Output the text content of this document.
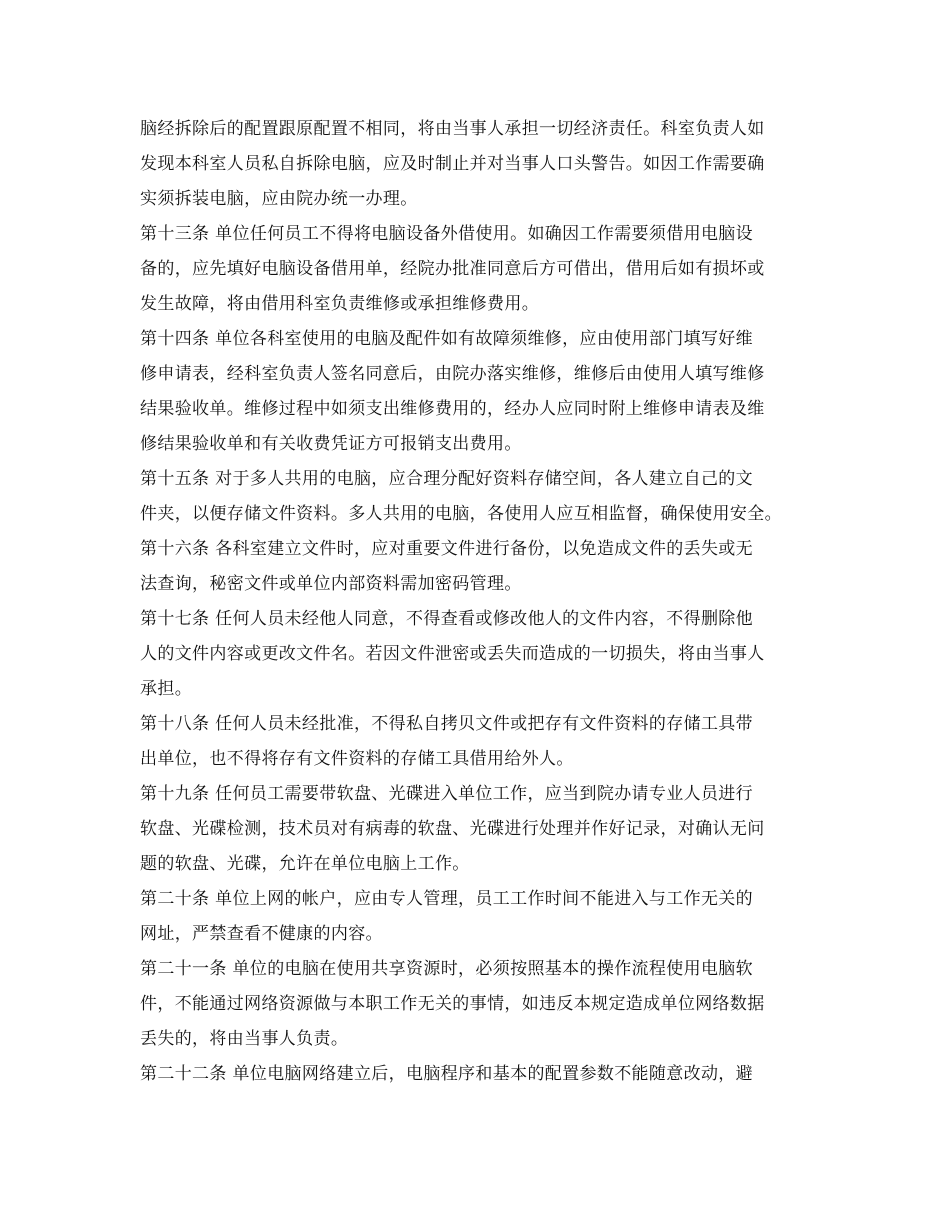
脑经拆除后的配置跟原配置不相同，将由当事人承担一切经济责任。科室负责人如
发现本科室人员私自拆除电脑，应及时制止并对当事人口头警告。如因工作需要确
实须拆装电脑，应由院办统一办理。
第十三条 单位任何员工不得将电脑设备外借使用。如确因工作需要须借用电脑设
备的，应先填好电脑设备借用单，经院办批准同意后方可借出，借用后如有损坏或
发生故障，将由借用科室负责维修或承担维修费用。
第十四条 单位各科室使用的电脑及配件如有故障须维修，应由使用部门填写好维
修申请表，经科室负责人签名同意后，由院办落实维修，维修后由使用人填写维修
结果验收单。维修过程中如须支出维修费用的，经办人应同时附上维修申请表及维
修结果验收单和有关收费凭证方可报销支出费用。
第十五条 对于多人共用的电脑，应合理分配好资料存储空间，各人建立自己的文
件夹，以便存储文件资料。多人共用的电脑，各使用人应互相监督，确保使用安全。
第十六条 各科室建立文件时，应对重要文件进行备份，以免造成文件的丢失或无
法查询，秘密文件或单位内部资料需加密码管理。
第十七条 任何人员未经他人同意，不得查看或修改他人的文件内容，不得删除他
人的文件内容或更改文件名。若因文件泄密或丢失而造成的一切损失，将由当事人
承担。
第十八条 任何人员未经批准，不得私自拷贝文件或把存有文件资料的存储工具带
出单位，也不得将存有文件资料的存储工具借用给外人。
第十九条 任何员工需要带软盘、光碟进入单位工作，应当到院办请专业人员进行
软盘、光碟检测，技术员对有病毒的软盘、光碟进行处理并作好记录，对确认无问
题的软盘、光碟，允许在单位电脑上工作。
第二十条 单位上网的帐户，应由专人管理，员工工作时间不能进入与工作无关的
网址，严禁查看不健康的内容。
第二十一条 单位的电脑在使用共享资源时，必须按照基本的操作流程使用电脑软
件，不能通过网络资源做与本职工作无关的事情，如违反本规定造成单位网络数据
丢失的，将由当事人负责。
第二十二条 单位电脑网络建立后，电脑程序和基本的配置参数不能随意改动，避
